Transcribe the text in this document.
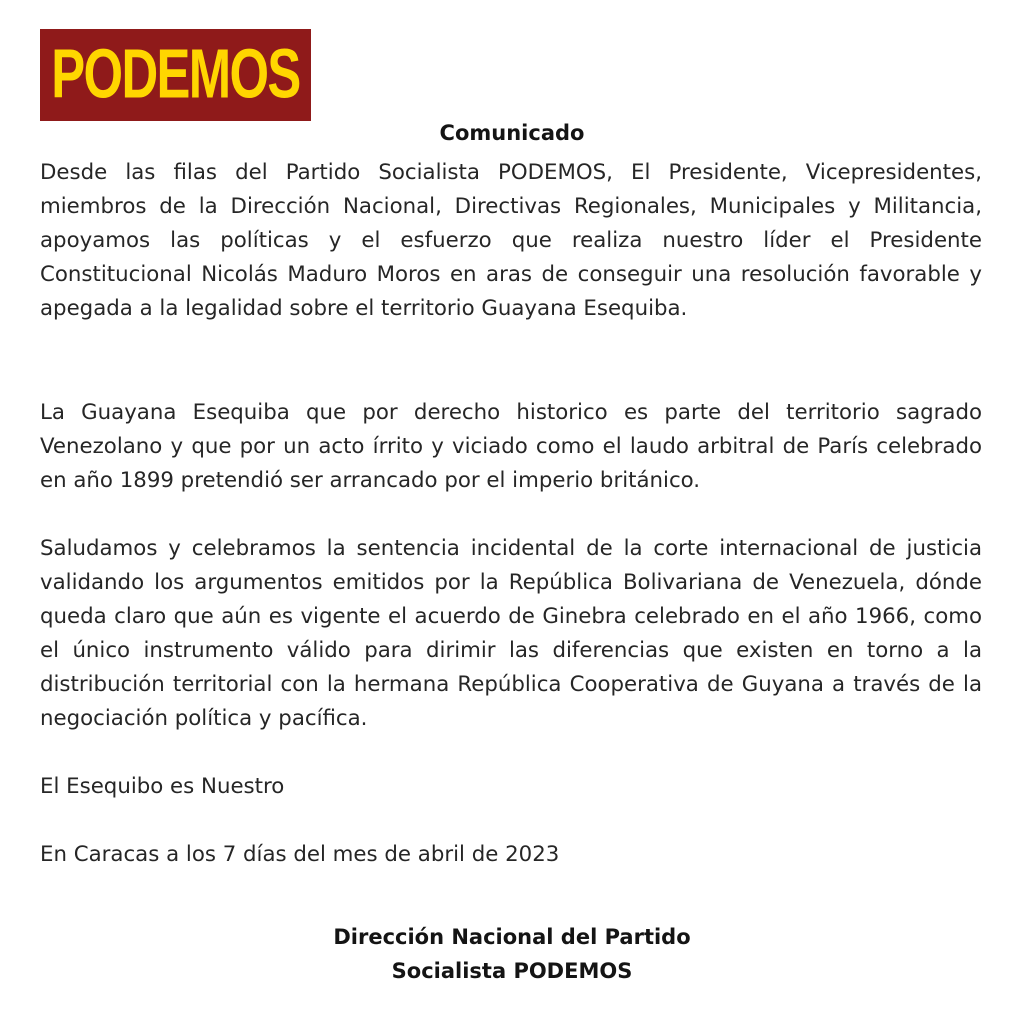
PODEMOS
Comunicado

Desde las filas del Partido Socialista PODEMOS, El Presidente, Vicepresidentes, miembros de la Dirección Nacional, Directivas Regionales, Municipales y Militancia, apoyamos las políticas y el esfuerzo que realiza nuestro líder el Presidente Constitucional Nicolás Maduro Moros en aras de conseguir una resolución favorable y apegada a la legalidad sobre el territorio Guayana Esequiba.

La Guayana Esequiba que por derecho historico es parte del territorio sagrado Venezolano y que por un acto írrito y viciado como el laudo arbitral de París celebrado en año 1899 pretendió ser arrancado por el imperio británico.

Saludamos y celebramos la sentencia incidental de la corte internacional de justicia validando los argumentos emitidos por la República Bolivariana de Venezuela, dónde queda claro que aún es vigente el acuerdo de Ginebra celebrado en el año 1966, como el único instrumento válido para dirimir las diferencias que existen en torno a la distribución territorial con la hermana República Cooperativa de Guyana a través de la negociación política y pacífica.

El Esequibo es Nuestro

En Caracas a los 7 días del mes de abril de 2023

Dirección Nacional del Partido
Socialista PODEMOS
